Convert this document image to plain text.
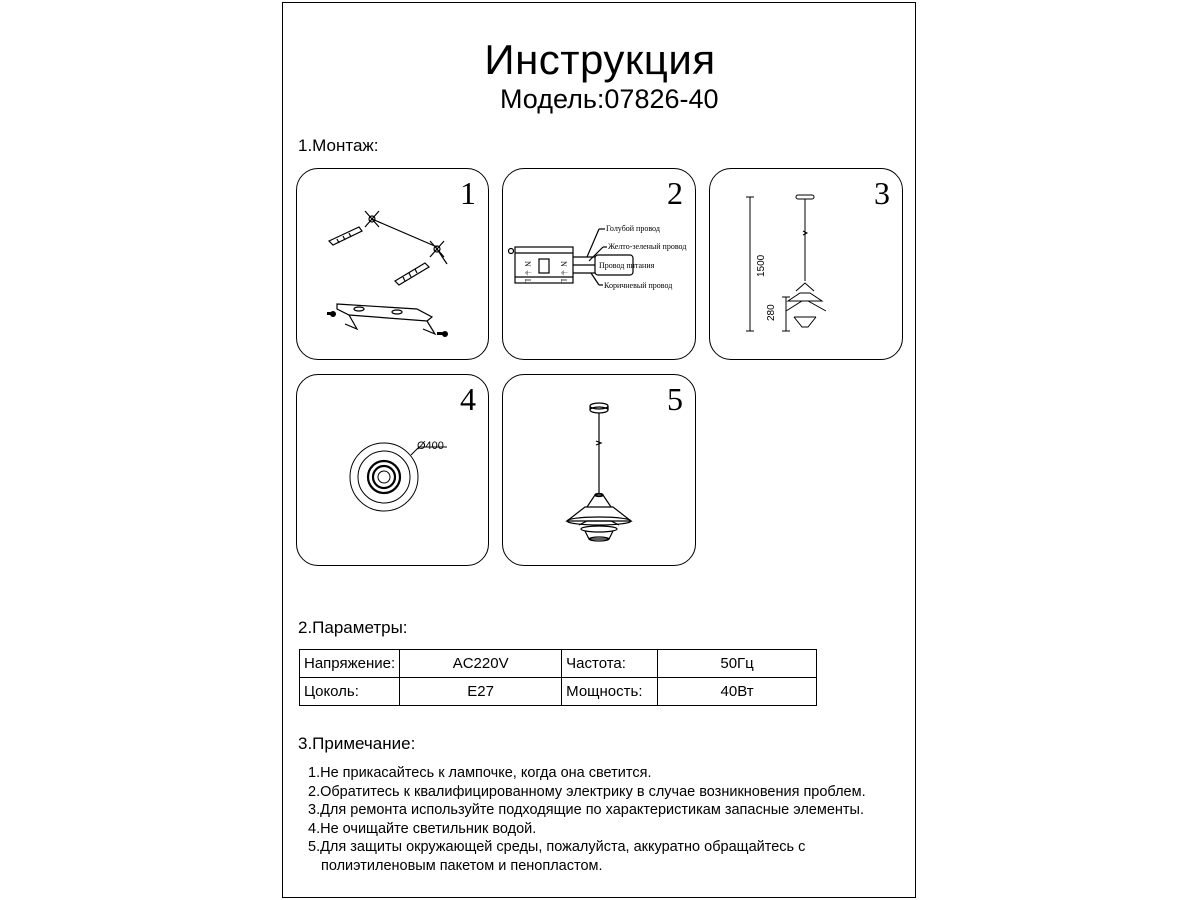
Инструкция
Модель:07826-40
1.Монтаж:
1	2
N ⏚ L	N ⏚ L
Голубой провод
Желто-зеленый провод
Провод питания
Коричневый провод
3
1500
280
4
Ø400
5
2.Параметры:
Напряжение:	AC220V	Частота:	50Гц
Цоколь:	E27	Мощность:	40Вт
3.Примечание:
1.Не прикасайтесь к лампочке, когда она светится.
2.Обратитесь к квалифицированному электрику в случае возникновения проблем.
3.Для ремонта используйте подходящие по характеристикам запасные элементы.
4.Не очищайте светильник водой.
5.Для защиты окружающей среды, пожалуйста, аккуратно обращайтесь с
полиэтиленовым пакетом и пенопластом.
